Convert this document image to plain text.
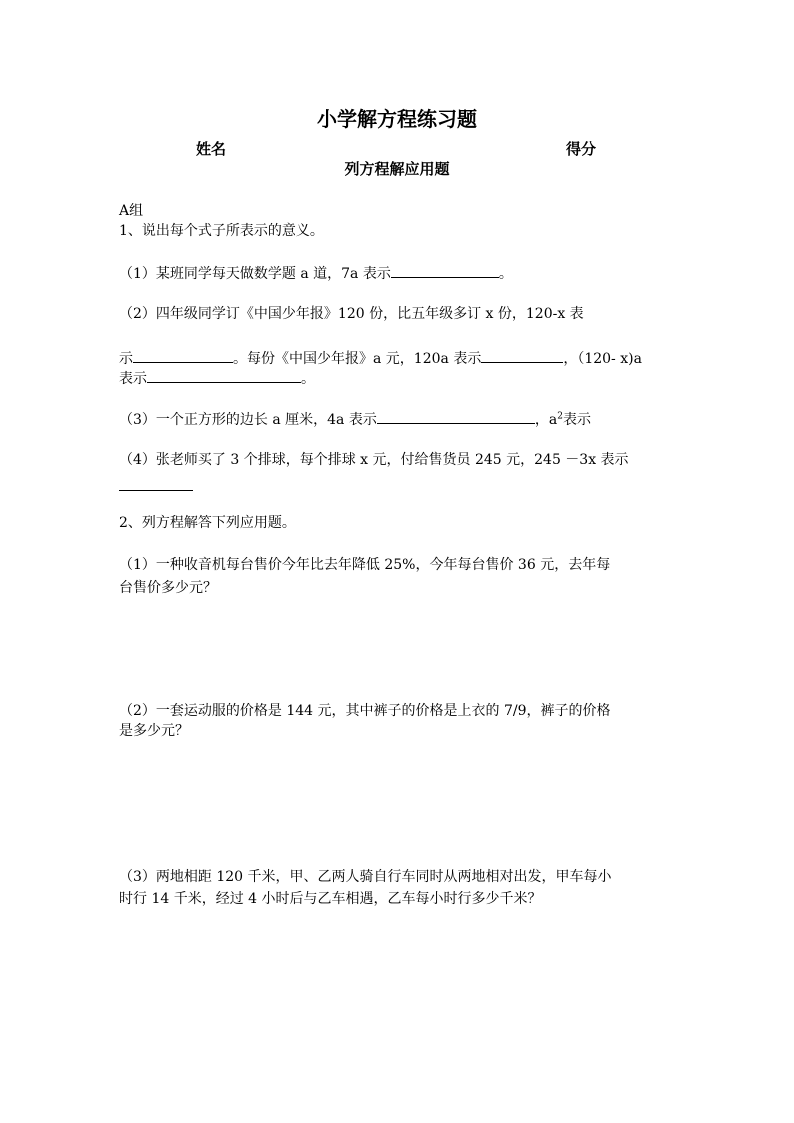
小学解方程练习题
姓名	得分
列方程解应用题
A组
1、说出每个式子所表示的意义。
（1）某班同学每天做数学题 a 道，7a 表示	。
（2）四年级同学订《中国少年报》120 份，比五年级多订 x 份，120-x 表
示	。每份《中国少年报》a 元，120a 表示	，（120- x)a
表示	。
（3）一个正方形的边长 a 厘米，4a 表示	，$a^2$表示
（4）张老师买了 3 个排球，每个排球 x 元，付给售货员 245 元，245 －3x 表示
2、列方程解答下列应用题。
（1）一种收音机每台售价今年比去年降低 25%，今年每台售价 36 元，去年每
台售价多少元？
（2）一套运动服的价格是 144 元，其中裤子的价格是上衣的 7/9，裤子的价格
是多少元？
（3）两地相距 120 千米，甲、乙两人骑自行车同时从两地相对出发，甲车每小
时行 14 千米，经过 4 小时后与乙车相遇，乙车每小时行多少千米？
